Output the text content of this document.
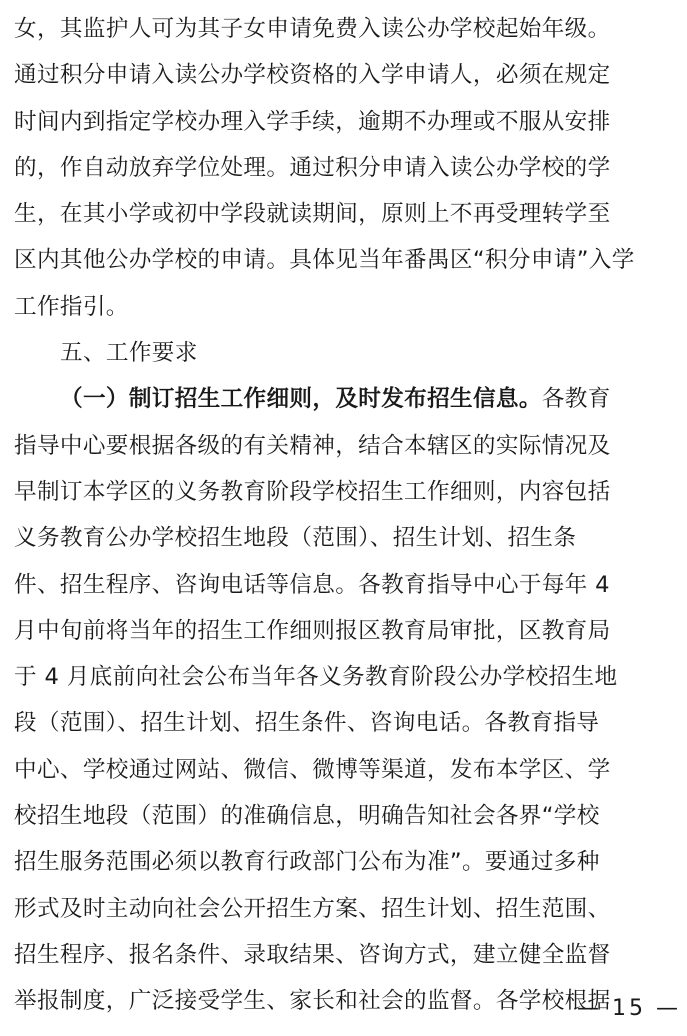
女，其监护人可为其子女申请免费入读公办学校起始年级。
通过积分申请入读公办学校资格的入学申请人，必须在规定
时间内到指定学校办理入学手续，逾期不办理或不服从安排
的，作自动放弃学位处理。通过积分申请入读公办学校的学
生，在其小学或初中学段就读期间，原则上不再受理转学至
区内其他公办学校的申请。具体见当年番禺区“积分申请”入学
工作指引。
五、工作要求
（一）制订招生工作细则，及时发布招生信息。各教育
指导中心要根据各级的有关精神，结合本辖区的实际情况及
早制订本学区的义务教育阶段学校招生工作细则，内容包括
义务教育公办学校招生地段（范围）、招生计划、招生条
件、招生程序、咨询电话等信息。各教育指导中心于每年 4
月中旬前将当年的招生工作细则报区教育局审批，区教育局
于 4 月底前向社会公布当年各义务教育阶段公办学校招生地
段（范围）、招生计划、招生条件、咨询电话。各教育指导
中心、学校通过网站、微信、微博等渠道，发布本学区、学
校招生地段（范围）的准确信息，明确告知社会各界“学校
招生服务范围必须以教育行政部门公布为准”。要通过多种
形式及时主动向社会公开招生方案、招生计划、招生范围、
招生程序、报名条件、录取结果、咨询方式，建立健全监督
举报制度，广泛接受学生、家长和社会的监督。各学校根据
— 15 —
